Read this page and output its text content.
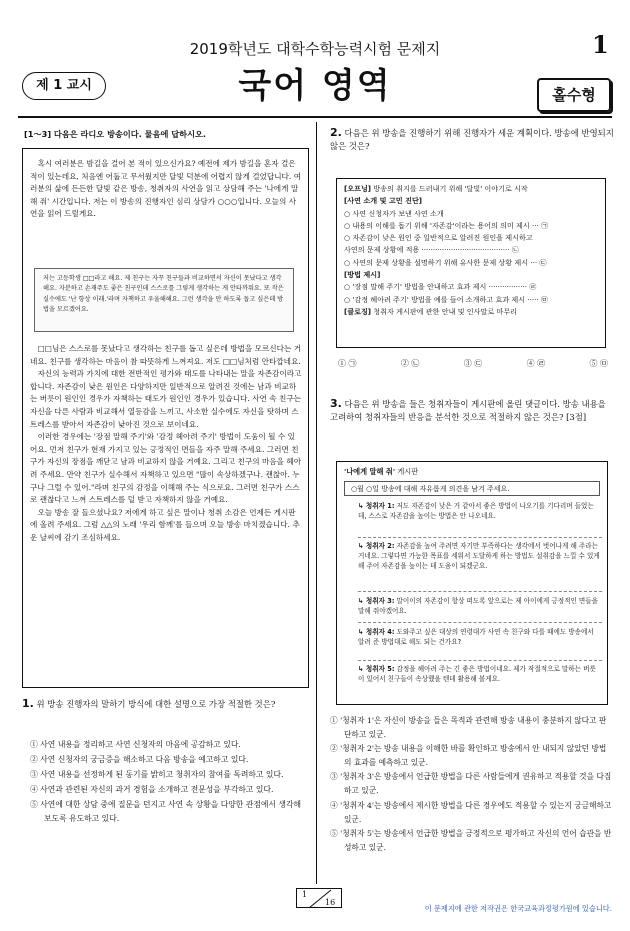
2019학년도 대학수학능력시험 문제지	1
제 1 교시	국어 영역	홀수형
[1～3] 다음은 라디오 방송이다. 물음에 답하시오.

혹시 여러분은 밤길을 걸어 본 적이 있으신가요? 예전에 제가 밤길을 혼자 걸은 적이 있는데요, 처음엔 어둡고 무서웠지만 달빛 덕분에 어렵지 않게 걸었답니다. 여러분의 삶에 든든한 달빛 같은 방송, 청취자의 사연을 읽고 상담해 주는 '나에게 말해 줘' 시간입니다. 저는 이 방송의 진행자인 심리 상담가 ○○○입니다. 오늘의 사연을 읽어 드릴게요.

저는 고등학생 □□라고 해요. 제 친구는 자꾸 친구들과 비교하면서 자신이 못났다고 생각해요. 자분하고 손재주도 좋은 친구인데 스스로를 그렇게 생각하는 게 안타까워요. 또 작은 실수에도 '난 항상 이래.'라며 자책하고 우울해해요. 그런 생각을 안 하도록 돕고 싶은데 방법을 모르겠어요.

□□님은 스스로를 못났다고 생각하는 친구를 돕고 싶은데 방법을 모르신다는 거네요. 친구를 생각하는 마음이 참 따뜻하게 느껴져요. 저도 □□님처럼 안타깝네요.

자신의 능력과 가치에 대한 전반적인 평가와 태도를 나타내는 말을 자존감이라고 합니다. 자존감이 낮은 원인은 다양하지만 일반적으로 알려진 것에는 남과 비교하는 버릇이 원인인 경우가 자책하는 태도가 원인인 경우가 있습니다. 사연 속 친구는 자신을 다른 사람과 비교해서 열등감을 느끼고, 사소한 실수에도 자신을 탓하며 스트레스를 받아서 자존감이 낮아진 것으로 보이네요.

이러한 경우에는 '장점 말해 주기'와 '감정 헤아려 주기' 방법이 도움이 될 수 있어요. 먼저 친구가 현재 가지고 있는 긍정적인 면들을 자주 말해 주세요. 그러면 친구가 자신의 장점을 깨닫고 남과 비교하지 않을 거예요. 그리고 친구의 마음을 헤아려 주세요. 만약 친구가 실수해서 자책하고 있으면 "많이 속상하겠구나. 괜찮아. 누구나 그럴 수 있어."라며 친구의 감정을 이해해 주는 식으로요. 그러면 친구가 스스로 괜찮다고 느껴 스트레스를 덜 받고 자책하지 않을 거예요.

오늘 방송 잘 들으셨나요? 저에게 하고 싶은 말이나 청취 소감은 언제든 게시판에 올려 주세요. 그럼 △△의 노래 '우리 함께'를 들으며 오늘 방송 마치겠습니다. 추운 날씨에 감기 조심하세요.

1. 위 방송 진행자의 말하기 방식에 대한 설명으로 가장 적절한 것은?
① 사연 내용을 정리하고 사연 신청자의 마음에 공감하고 있다.
② 사연 신청자의 궁금증을 해소하고 다음 방송을 예고하고 있다.
③ 사연 내용을 선정하게 된 동기를 밝히고 청취자의 참여를 독려하고 있다.
④ 사연과 관련된 자신의 과거 경험을 소개하고 전문성을 부각하고 있다.
⑤ 사연에 대한 상담 중에 질문을 던지고 사연 속 상황을 다양한 관점에서 생각해 보도록 유도하고 있다.
2. 다음은 위 방송을 진행하기 위해 진행자가 세운 계획이다. 방송에 반영되지 않은 것은?
[오프닝] 방송의 취지를 드러내기 위해 '달빛' 이야기로 시작
[사연 소개 및 고민 진단]
○ 사연 신청자가 보낸 사연 소개
○ 내용의 이해를 돕기 위해 '자존감'이라는 용어의 의미 제시 ··· ㉠
○ 자존감이 낮은 원인 중 일반적으로 알려진 원인을 제시하고
사연의 문제 상황에 적용 ······································· ㉡
○ 사연의 문제 상황을 설명하기 위해 유사한 문제 상황 제시 ··· ㉢
[방법 제시]
○ '장점 말해 주기' 방법을 안내하고 효과 제시 ················· ㉣
○ '감정 헤아려 주기' 방법을 예를 들어 소개하고 효과 제시 ····· ㉤
[클로징] 청취자 게시판에 관한 안내 및 인사말로 마무리
① ㉠	② ㉡	③ ㉢	④ ㉣	⑤ ㉤
3. 다음은 위 방송을 들은 청취자들이 게시판에 올린 댓글이다. 방송 내용을 고려하여 청취자들의 반응을 분석한 것으로 적절하지 않은 것은? [3점]
'나에게 말해 줘' 게시판
○월 ○일 방송에 대해 자유롭게 의견을 남겨 주세요.
↳ 청취자 1: 저도 자존감이 낮은 거 같아서 좋은 방법이 나오기를 기다리며 들었는데, 스스로 자존감을 높이는 방법은 안 나오네요.
↳ 청취자 2: 자존감을 높여 주려면 자기만 부족하다는 생각에서 벗어나게 해 주라는 거네요. 그렇다면 가능한 목표를 세워서 도달하게 하는 방법도 설취감을 느낄 수 있게 해 주어 자존감을 높이는 데 도움이 되겠군요.
↳ 청취자 3: 말이이의 자존감이 항상 떠도록 앞으로는 제 아이에게 긍정적인 면들을 말해 줘야겠어요.
↳ 청취자 4: 도와주고 싶은 대상의 연령대가 사연 속 친구와 다를 때에도 방송에서 알려 준 방법대로 해도 되는 건가요?
↳ 청취자 5: 감정을 헤아려 주는 긴 좋은 방법이네요. 제가 작절적으로 말하는 버릇이 있어서 친구들이 속상했을 텐데 활용해 볼게요.
① '청취자 1'은 자신이 방송을 들은 목적과 관련해 방송 내용이 충분하지 않다고 판단하고 있군.
② '청취자 2'는 방송 내용을 이해한 바를 확인하고 방송에서 안 내되지 않았던 방법의 효과를 예측하고 있군.
③ '청취자 3'은 방송에서 언급한 방법을 다른 사람들에게 권유하고 적용할 것을 다짐하고 있군.
④ '청취자 4'는 방송에서 제시한 방법을 다른 경우에도 적용할 수 있는지 궁금해하고 있군.
⑤ '청취자 5'는 방송에서 언급한 방법을 긍정적으로 평가하고 자신의 언어 습관을 반성하고 있군.
1
16
이 문제지에 관한 저작권은 한국교육과정평가원에 있습니다.
